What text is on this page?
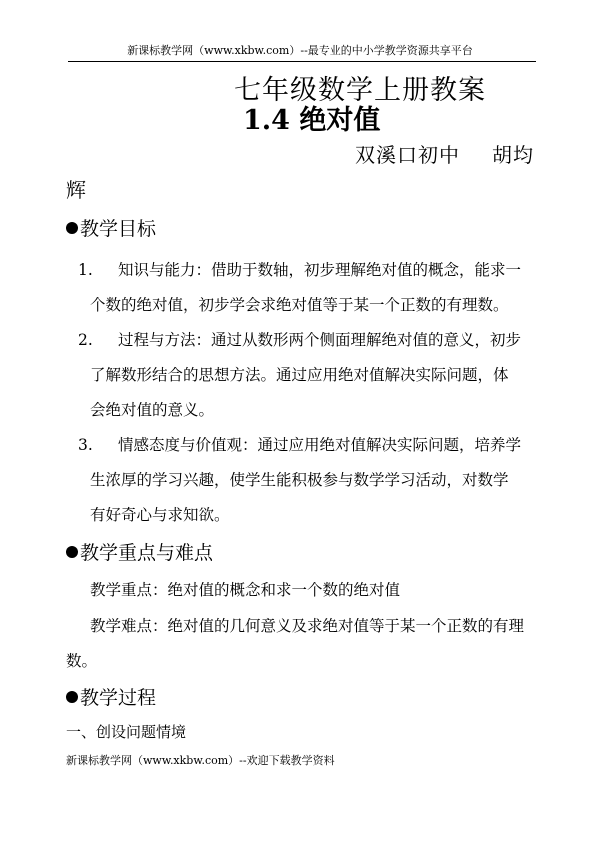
新课标教学网（www.xkbw.com）--最专业的中小学教学资源共享平台
七年级数学上册教案
1.4 绝对值
双溪口初中 胡均
辉
教学目标
1. 知识与能力：借助于数轴，初步理解绝对值的概念，能求一
个数的绝对值，初步学会求绝对值等于某一个正数的有理数。
2. 过程与方法：通过从数形两个侧面理解绝对值的意义，初步
了解数形结合的思想方法。通过应用绝对值解决实际问题，体
会绝对值的意义。
3. 情感态度与价值观：通过应用绝对值解决实际问题，培养学
生浓厚的学习兴趣，使学生能积极参与数学学习活动，对数学
有好奇心与求知欲。
教学重点与难点
教学重点：绝对值的概念和求一个数的绝对值
教学难点：绝对值的几何意义及求绝对值等于某一个正数的有理
数。
教学过程
一、创设问题情境
新课标教学网（www.xkbw.com）--欢迎下载教学资料
